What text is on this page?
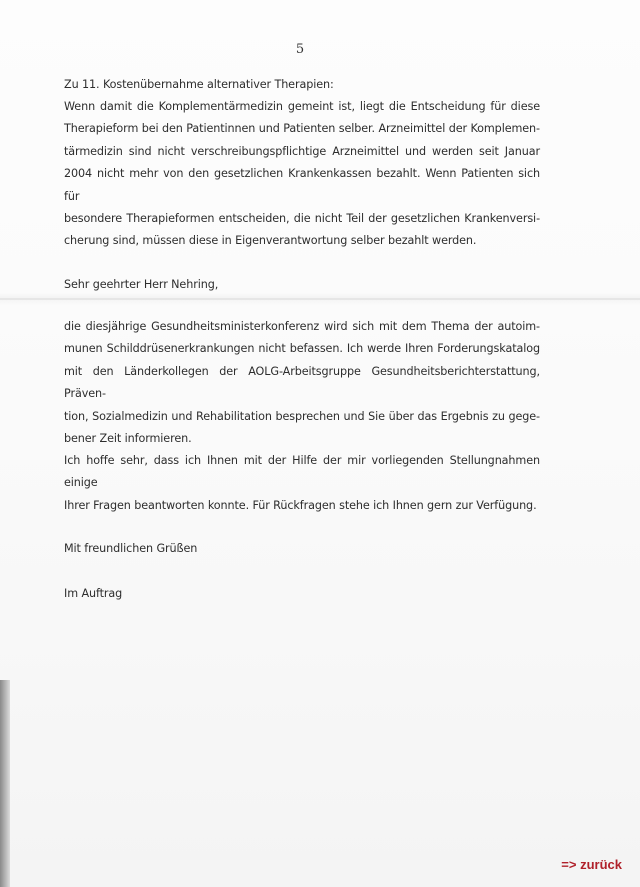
5
Zu 11. Kostenübernahme alternativer Therapien:
Wenn damit die Komplementärmedizin gemeint ist, liegt die Entscheidung für diese
Therapieform bei den Patientinnen und Patienten selber. Arzneimittel der Komplemen-
tärmedizin sind nicht verschreibungspflichtige Arzneimittel und werden seit Januar
2004 nicht mehr von den gesetzlichen Krankenkassen bezahlt. Wenn Patienten sich für
besondere Therapieformen entscheiden, die nicht Teil der gesetzlichen Krankenversi-
cherung sind, müssen diese in Eigenverantwortung selber bezahlt werden.
Sehr geehrter Herr Nehring,
die diesjährige Gesundheitsministerkonferenz wird sich mit dem Thema der autoim-
munen Schilddrüsenerkrankungen nicht befassen. Ich werde Ihren Forderungskatalog
mit den Länderkollegen der AOLG-Arbeitsgruppe Gesundheitsberichterstattung, Präven-
tion, Sozialmedizin und Rehabilitation besprechen und Sie über das Ergebnis zu gege-
bener Zeit informieren.
Ich hoffe sehr, dass ich Ihnen mit der Hilfe der mir vorliegenden Stellungnahmen einige
Ihrer Fragen beantworten konnte. Für Rückfragen stehe ich Ihnen gern zur Verfügung.
Mit freundlichen Grüßen
Im Auftrag
=> zurück
